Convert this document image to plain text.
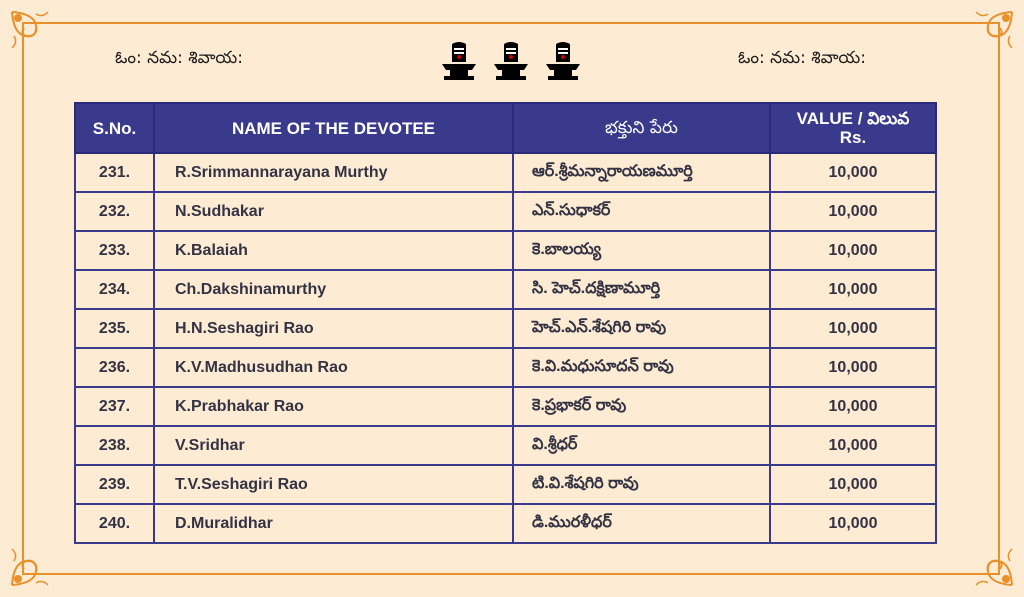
ఓం: నమ: శివాయ:	ఓం: నమ: శివాయ:
S.No.	NAME OF THE DEVOTEE	భక్తుని పేరు	VALUE / విలువ
Rs.
231.	R.Srimmannarayana Murthy	ఆర్.శ్రీమన్నారాయణమూర్తి	10,000
232.	N.Sudhakar	ఎన్.సుధాకర్	10,000
233.	K.Balaiah	కె.బాలయ్య	10,000
234.	Ch.Dakshinamurthy	సి. హెచ్.దక్షిణామూర్తి	10,000
235.	H.N.Seshagiri Rao	హెచ్.ఎన్.శేషగిరి రావు	10,000
236.	K.V.Madhusudhan Rao	కె.వి.మధుసూదన్ రావు	10,000
237.	K.Prabhakar Rao	కె.ప్రభాకర్ రావు	10,000
238.	V.Sridhar	వి.శ్రీధర్	10,000
239.	T.V.Seshagiri Rao	టి.వి.శేషగిరి రావు	10,000
240.	D.Muralidhar	డి.మురళీధర్	10,000
